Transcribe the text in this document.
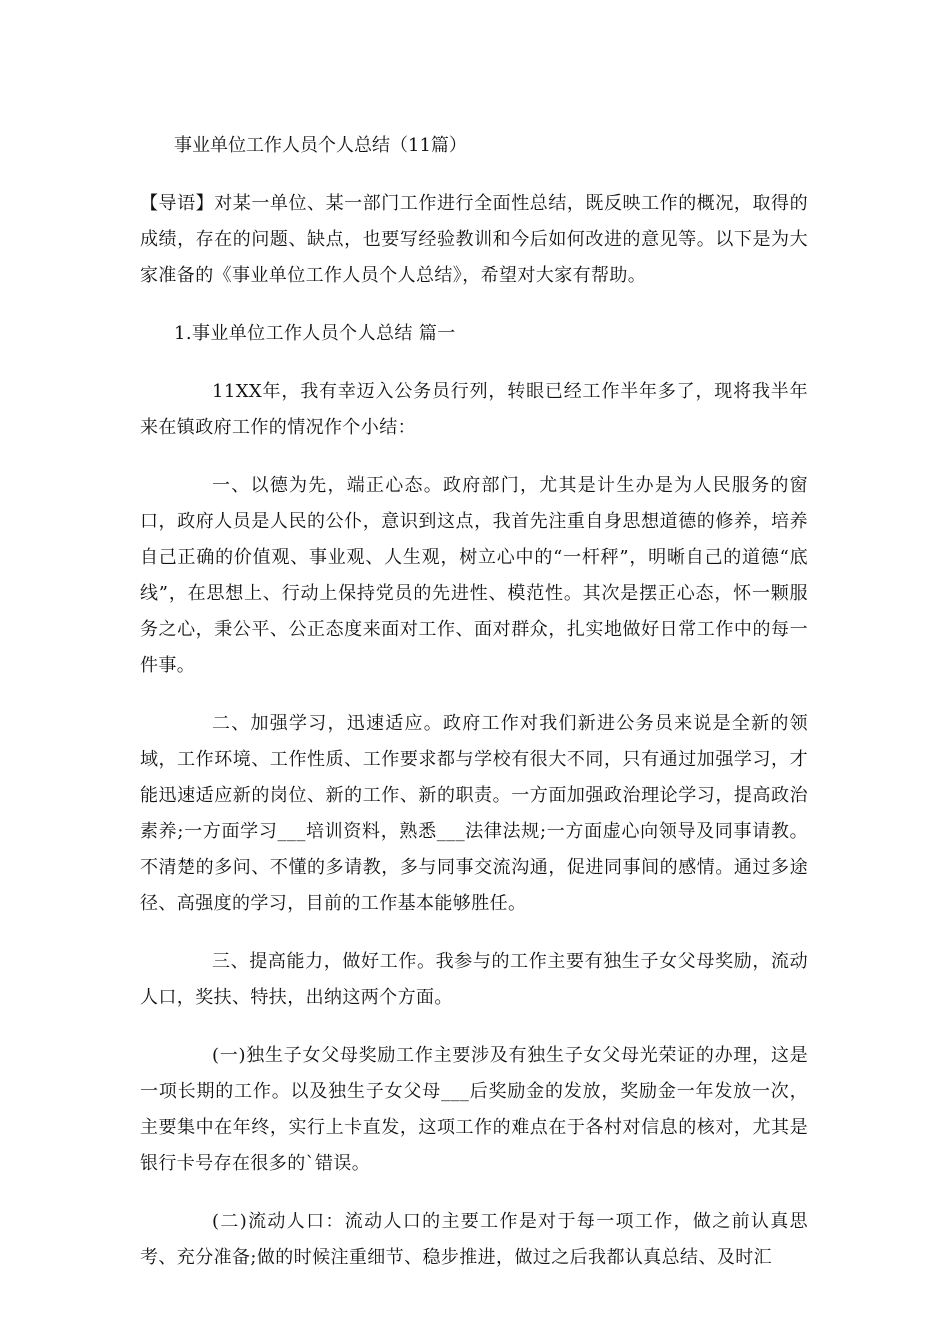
事业单位工作人员个人总结（11篇）

【导语】对某一单位、某一部门工作进行全面性总结，既反映工作的概况，取得的成绩，存在的问题、缺点，也要写经验教训和今后如何改进的意见等。以下是为大家准备的《事业单位工作人员个人总结》，希望对大家有帮助。

1.事业单位工作人员个人总结 篇一

11XX年，我有幸迈入公务员行列，转眼已经工作半年多了，现将我半年来在镇政府工作的情况作个小结：

一、以德为先，端正心态。政府部门，尤其是计生办是为人民服务的窗口，政府人员是人民的公仆，意识到这点，我首先注重自身思想道德的修养，培养自己正确的价值观、事业观、人生观，树立心中的“一杆秤”，明晰自己的道德“底线”，在思想上、行动上保持党员的先进性、模范性。其次是摆正心态，怀一颗服务之心，秉公平、公正态度来面对工作、面对群众，扎实地做好日常工作中的每一件事。

二、加强学习，迅速适应。政府工作对我们新进公务员来说是全新的领域，工作环境、工作性质、工作要求都与学校有很大不同，只有通过加强学习，才能迅速适应新的岗位、新的工作、新的职责。一方面加强政治理论学习，提高政治素养;一方面学习___培训资料，熟悉___法律法规;一方面虚心向领导及同事请教。不清楚的多问、不懂的多请教，多与同事交流沟通，促进同事间的感情。通过多途径、高强度的学习，目前的工作基本能够胜任。

三、提高能力，做好工作。我参与的工作主要有独生子女父母奖励，流动人口，奖扶、特扶，出纳这两个方面。

(一)独生子女父母奖励工作主要涉及有独生子女父母光荣证的办理，这是一项长期的工作。以及独生子女父母___后奖励金的发放，奖励金一年发放一次，主要集中在年终，实行上卡直发，这项工作的难点在于各村对信息的核对，尤其是银行卡号存在很多的`错误。

(二)流动人口：流动人口的主要工作是对于每一项工作，做之前认真思考、充分准备;做的时候注重细节、稳步推进，做过之后我都认真总结、及时汇
